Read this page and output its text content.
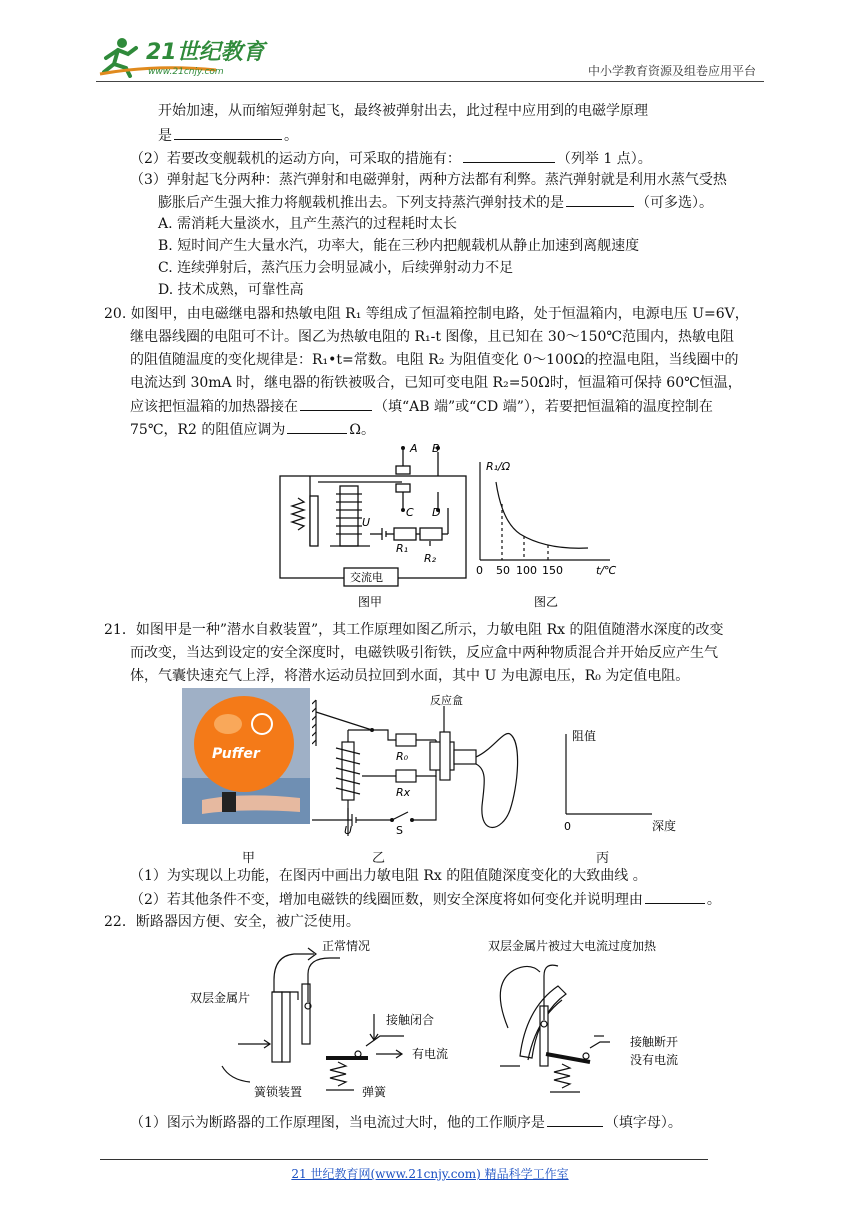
21世纪教育
www.21cnjy.com	中小学教育资源及组卷应用平台
开始加速，从而缩短弹射起飞，最终被弹射出去，此过程中应用到的电磁学原理
是	。
（2）若要改变舰载机的运动方向，可采取的措施有：	（列举 1 点）。
（3）弹射起飞分两种：蒸汽弹射和电磁弹射，两种方法都有利弊。蒸汽弹射就是利用水蒸气受热
膨胀后产生强大推力将舰载机推出去。下列支持蒸汽弹射技术的是	（可多选）。
A. 需消耗大量淡水，且产生蒸汽的过程耗时太长
B. 短时间产生大量水汽，功率大，能在三秒内把舰载机从静止加速到离舰速度
C. 连续弹射后，蒸汽压力会明显减小，后续弹射动力不足
D. 技术成熟，可靠性高
20. 如图甲，由电磁继电器和热敏电阻 R₁ 等组成了恒温箱控制电路，处于恒温箱内，电源电压 U=6V，
继电器线圈的电阻可不计。图乙为热敏电阻的 R₁-t 图像，且已知在 30～150℃范围内，热敏电阻
的阻值随温度的变化规律是：R₁•t=常数。电阻 R₂ 为阻值变化 0～100Ω的控温电阻，当线圈中的
电流达到 30mA 时，继电器的衔铁被吸合，已知可变电阻 R₂=50Ω时，恒温箱可保持 60℃恒温，
应该把恒温箱的加热器接在	（填“AB 端”或“CD 端”），若要把恒温箱的温度控制在
75℃，R2 的阻值应调为	Ω。
A B
C D
U
R₁
R₂
交流电
R₁/Ω
t/℃
0 50 100 150
图甲	图乙
21．如图甲是一种”潜水自救装置”，其工作原理如图乙所示，力敏电阻 Rx 的阻值随潜水深度的改变
而改变，当达到设定的安全深度时，电磁铁吸引衔铁，反应盒中两种物质混合并开始反应产生气
体，气囊快速充气上浮，将潜水运动员拉回到水面，其中 U 为电源电压，R₀ 为定值电阻。
Puffer
反应盒
R₀
Rx
U	S
阻值
0	深度
甲	乙	丙
（1）为实现以上功能，在图丙中画出力敏电阻 Rx 的阻值随深度变化的大致曲线 。
（2）若其他条件不变，增加电磁铁的线圈匝数，则安全深度将如何变化并说明理由	。
22．断路器因方便、安全，被广泛使用。
正常情况
双层金属片
接触闭合
有电流
簧锁装置	弹簧
双层金属片被过大电流过度加热
接触断开
没有电流
（1）图示为断路器的工作原理图，当电流过大时，他的工作顺序是	（填字母）。
21 世纪教育网(www.21cnjy.com) 精品科学工作室
